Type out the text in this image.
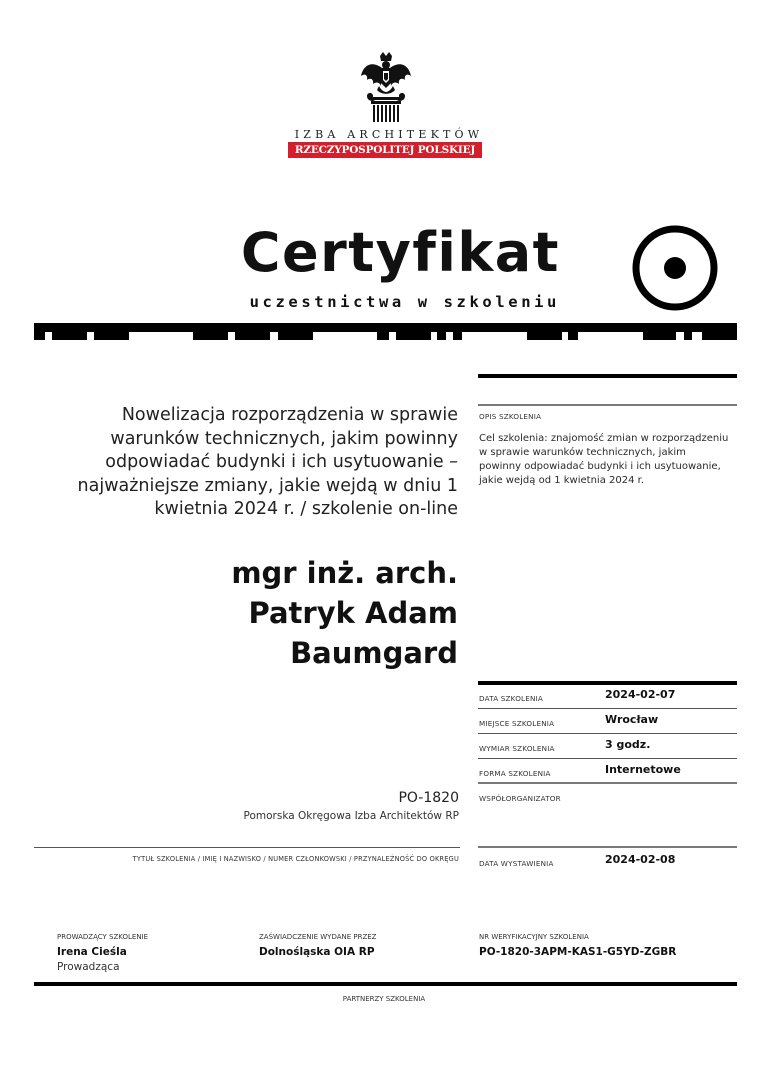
IZBA ARCHITEKTÓW
RZECZYPOSPOLITEJ POLSKIEJ
Certyfikat
uczestnictwa w szkoleniu
OPIS SZKOLENIA
Cel szkolenia: znajomość zmian w rozporządzeniu w sprawie warunków technicznych, jakim powinny odpowiadać budynki i ich usytuowanie, jakie wejdą od 1 kwietnia 2024 r.
Nowelizacja rozporządzenia w sprawie
warunków technicznych, jakim powinny
odpowiadać budynki i ich usytuowanie –
najważniejsze zmiany, jakie wejdą w dniu 1
kwietnia 2024 r. / szkolenie on-line
mgr inż. arch.
Patryk Adam
Baumgard
DATA SZKOLENIA	2024-02-07
MIEJSCE SZKOLENIA	Wrocław
WYMIAR SZKOLENIA	3 godz.
FORMA SZKOLENIA	Internetowe
WSPÓŁORGANIZATOR
PO-1820
Pomorska Okręgowa Izba Architektów RP
TYTUŁ SZKOLENIA / IMIĘ I NAZWISKO / NUMER CZŁONKOWSKI / PRZYNALEŻNOŚĆ DO OKRĘGU	DATA WYSTAWIENIA	2024-02-08
PROWADZĄCY SZKOLENIE
Irena Cieśla
Prowadząca
ZAŚWIADCZENIE WYDANE PRZEZ
Dolnośląska OIA RP
NR WERYFIKACYJNY SZKOLENIA
PO-1820-3APM-KAS1-G5YD-ZGBR
PARTNERZY SZKOLENIA
